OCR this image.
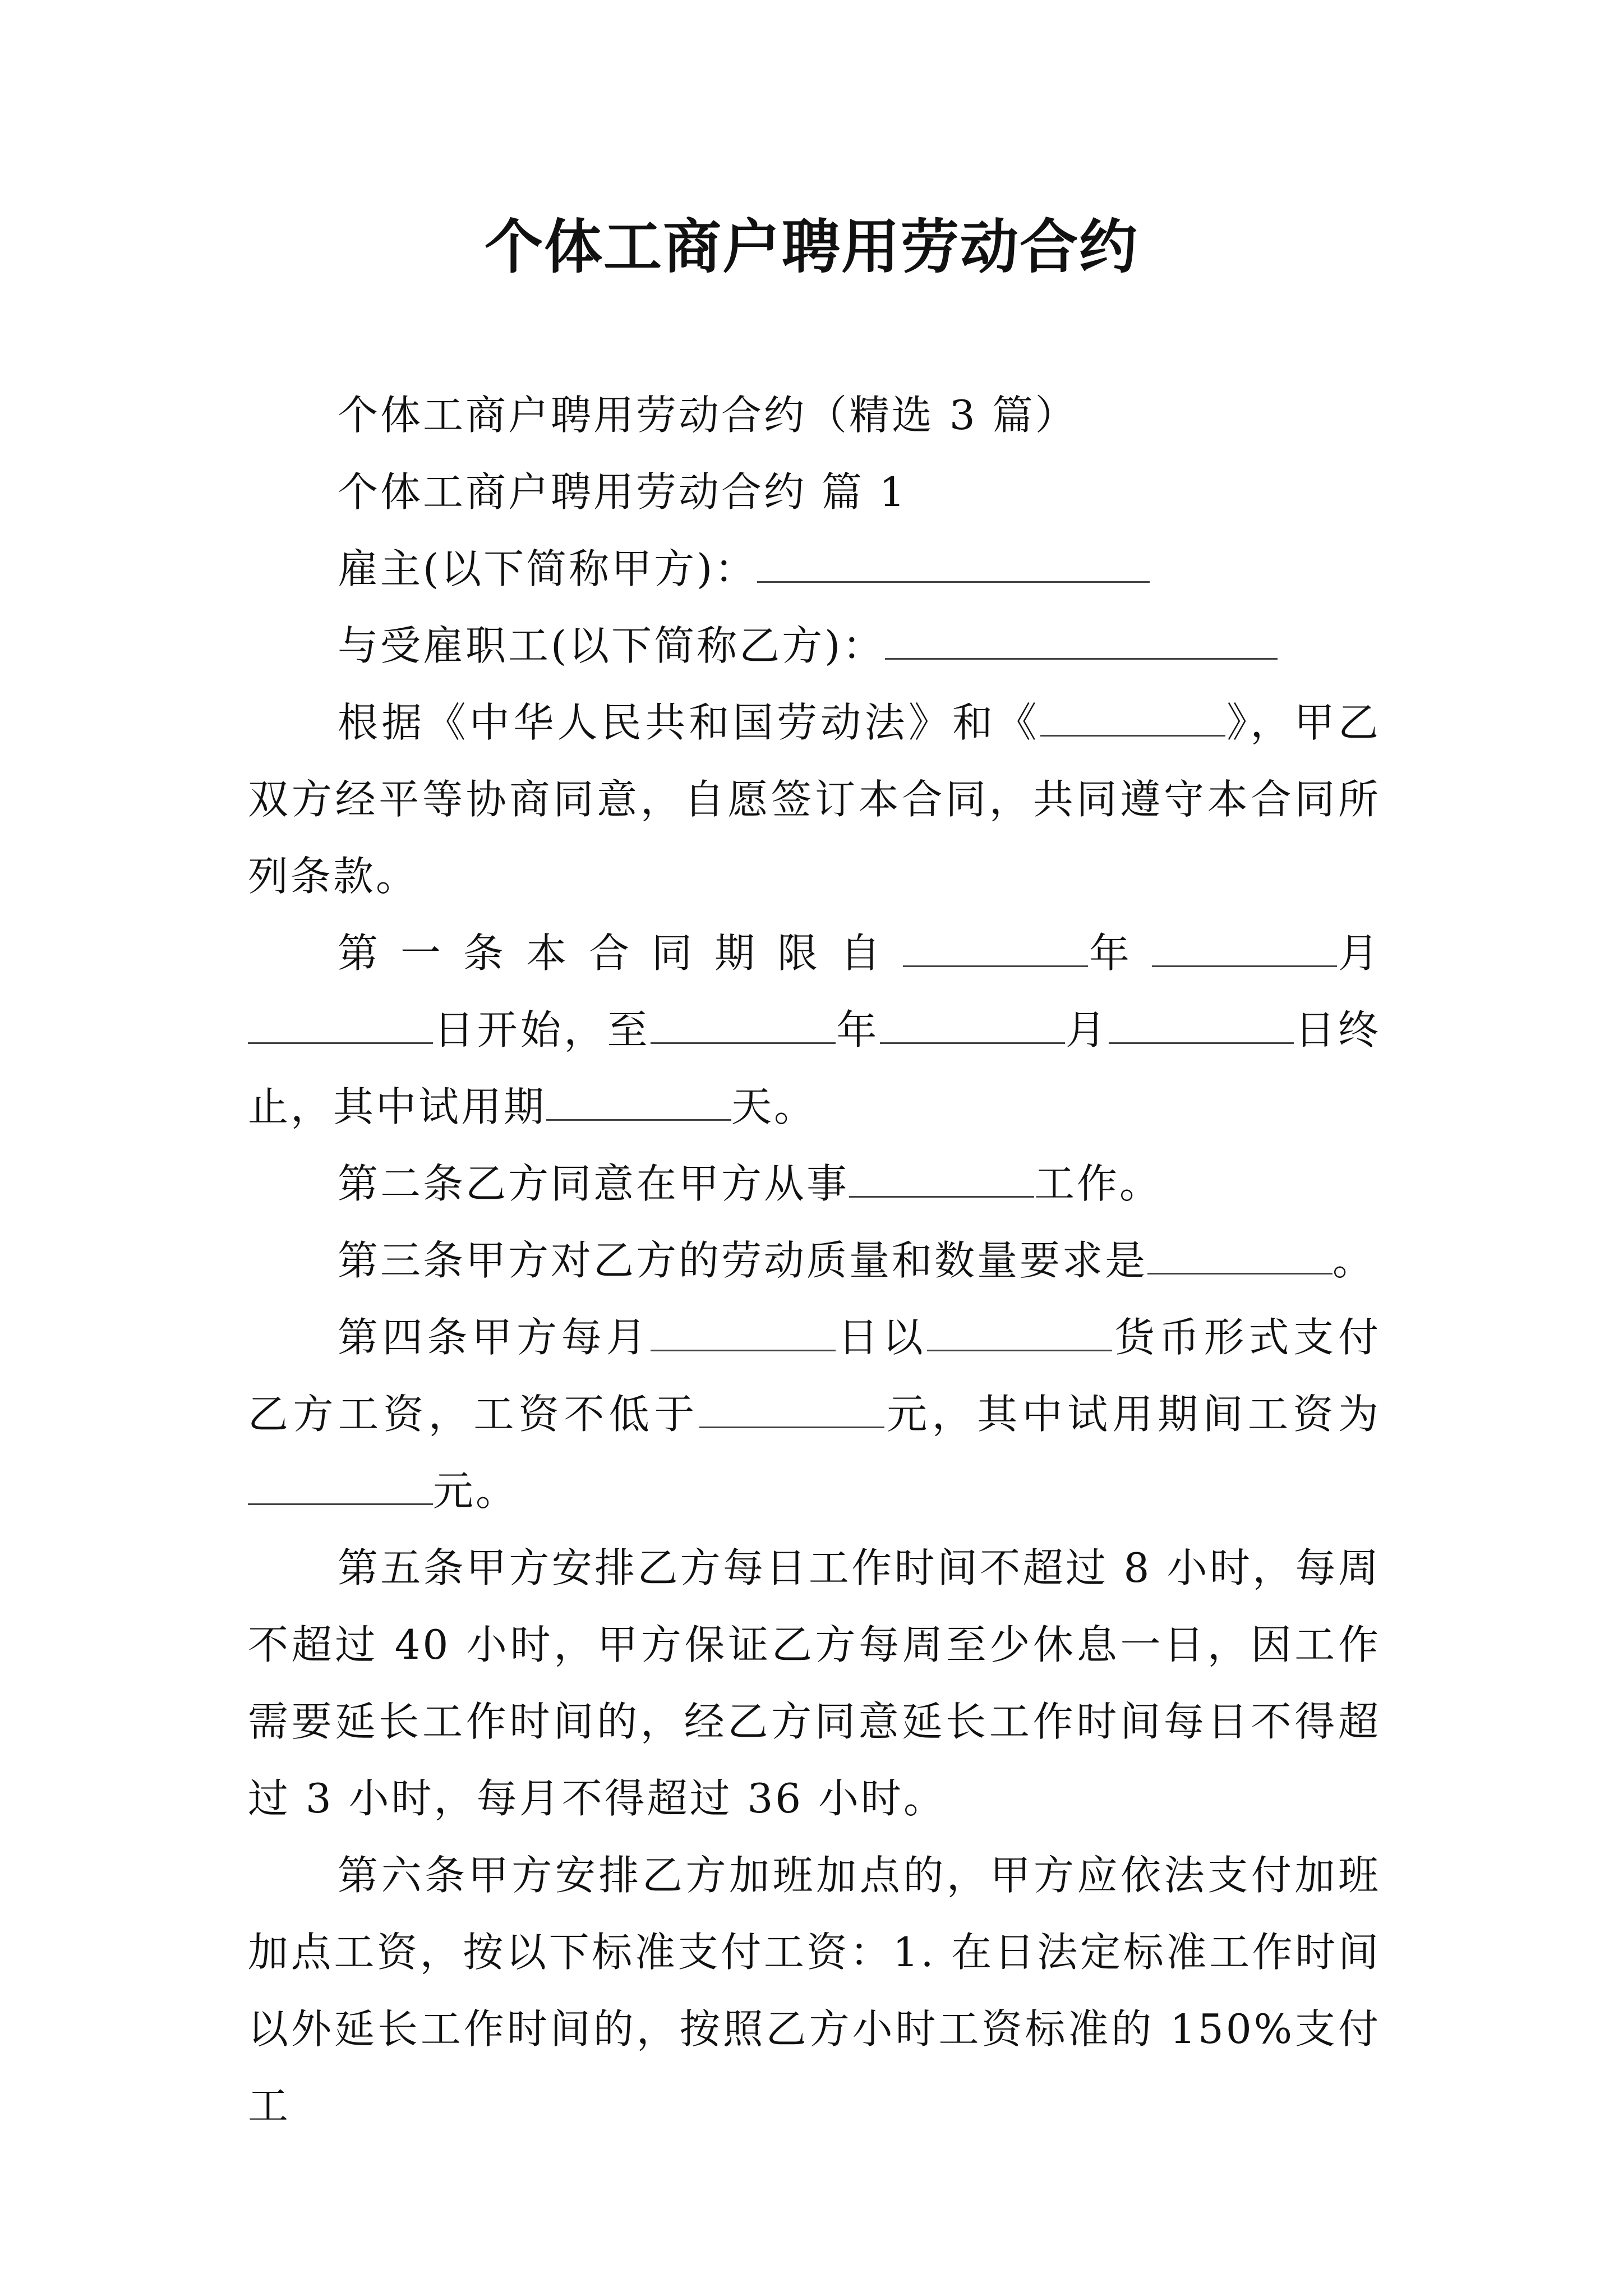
个体工商户聘用劳动合约

个体工商户聘用劳动合约（精选 3 篇）

个体工商户聘用劳动合约 篇 1

雇主(以下简称甲方)：

与受雇职工(以下简称乙方)：

根据《中华人民共和国劳动法》和《	》，甲乙双方经平等协商同意，自愿签订本合同，共同遵守本合同所列条款。

第一条本合同期限自	年	月日开始，至	年	月	日终止，其中试用期	天。

第二条乙方同意在甲方从事	工作。

第三条甲方对乙方的劳动质量和数量要求是	。

第四条甲方每月	日以	货币形式支付乙方工资，工资不低于	元，其中试用期间工资为元。

第五条甲方安排乙方每日工作时间不超过 8 小时，每周不超过 40 小时，甲方保证乙方每周至少休息一日，因工作需要延长工作时间的，经乙方同意延长工作时间每日不得超过 3 小时，每月不得超过 36 小时。

第六条甲方安排乙方加班加点的，甲方应依法支付加班加点工资，按以下标准支付工资：1. 在日法定标准工作时间以外延长工作时间的，按照乙方小时工资标准的 150%支付工
